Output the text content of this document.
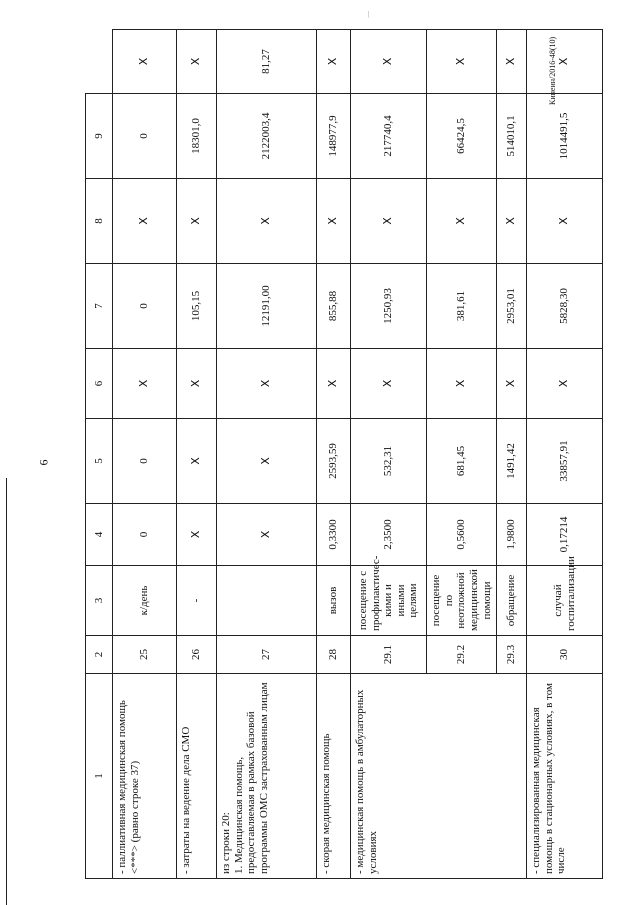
|
6
Кинеин/2016-48(10)
1	2	3	4	5	6	7	8	9	
- паллиативная медицинская помощь <***> (равно строке 37)	25	к/день	0	0	X	0	X	0	X
- затраты на ведение дела СМО	26	-	X	X	X	105,15	X	18301,0	X
из строки 20:
1. Медицинская помощь, предоставляемая в рамках базовой программы ОМС застрахованным лицам	27		X	X	X	12191,00	X	2122003,4	81,27
- скорая медицинская помощь	28	вызов	0,3300	2593,59	X	855,88	X	148977,9	X
- медицинская помощь в амбулаторных условиях	29.1	посещение с профилактичес-кими и иными целями	2,3500	532,31	X	1250,93	X	217740,4	X
	29.2	посещение по неотложной медицинской помощи	0,5600	681,45	X	381,61	X	66424,5	X
	29.3	обращение	1,9800	1491,42	X	2953,01	X	514010,1	X
- специализированная медицинская помощь в стационарных условиях, в том числе	30	случай госпитализации	0,17214	33857,91	X	5828,30	X	1014491,5	X
